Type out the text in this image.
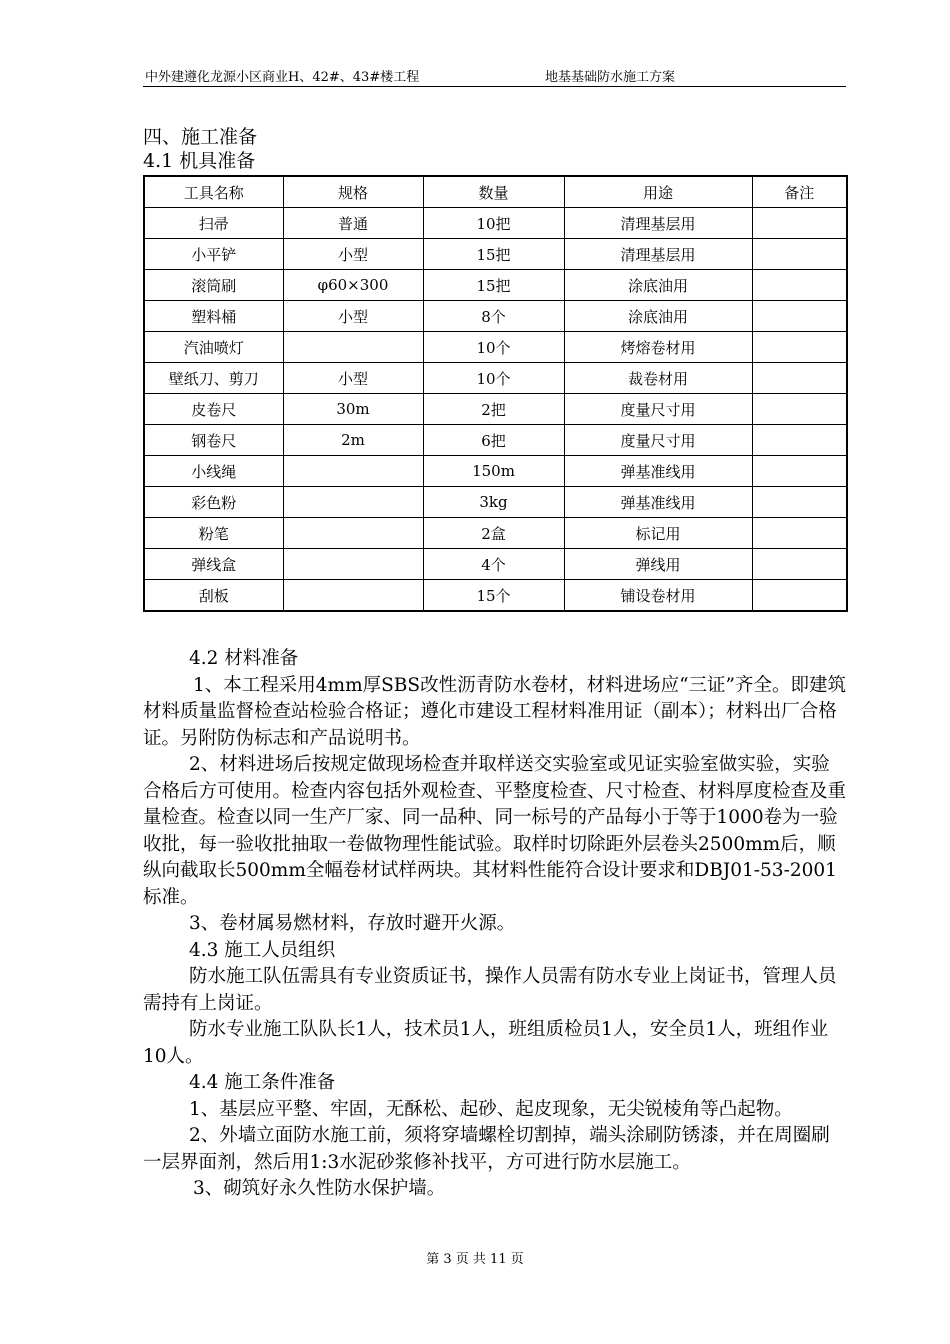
中外建遵化龙源小区商业H、42#、43#楼工程	地基基础防水施工方案
四、施工准备
4.1 机具准备
工具名称	规格	数量	用途	备注
扫帚	普通	10把	清理基层用	
小平铲	小型	15把	清理基层用	
滚筒刷	φ60×300	15把	涂底油用	
塑料桶	小型	8个	涂底油用	
汽油喷灯		10个	烤熔卷材用	
壁纸刀、剪刀	小型	10个	裁卷材用	
皮卷尺	30m	2把	度量尺寸用	
钢卷尺	2m	6把	度量尺寸用	
小线绳		150m	弹基准线用	
彩色粉		3kg	弹基准线用	
粉笔		2盒	标记用	
弹线盒		4个	弹线用	
刮板		15个	铺设卷材用	

4.2 材料准备

1、本工程采用4mm厚SBS改性沥青防水卷材，材料进场应“三证”齐全。即建筑材料质量监督检查站检验合格证；遵化市建设工程材料准用证（副本）；材料出厂合格证。另附防伪标志和产品说明书。

2、材料进场后按规定做现场检查并取样送交实验室或见证实验室做实验，实验合格后方可使用。检查内容包括外观检查、平整度检查、尺寸检查、材料厚度检查及重量检查。检查以同一生产厂家、同一品种、同一标号的产品每小于等于1000卷为一验收批，每一验收批抽取一卷做物理性能试验。取样时切除距外层卷头2500mm后，顺纵向截取长500mm全幅卷材试样两块。其材料性能符合设计要求和DBJ01-53-2001标准。

3、卷材属易燃材料，存放时避开火源。

4.3 施工人员组织

防水施工队伍需具有专业资质证书，操作人员需有防水专业上岗证书，管理人员需持有上岗证。

防水专业施工队队长1人，技术员1人，班组质检员1人，安全员1人，班组作业10人。

4.4 施工条件准备

1、基层应平整、牢固，无酥松、起砂、起皮现象，无尖锐棱角等凸起物。

2、外墙立面防水施工前，须将穿墙螺栓切割掉，端头涂刷防锈漆，并在周圈刷一层界面剂，然后用1:3水泥砂浆修补找平，方可进行防水层施工。

3、砌筑好永久性防水保护墙。

第 3 页 共 11 页
